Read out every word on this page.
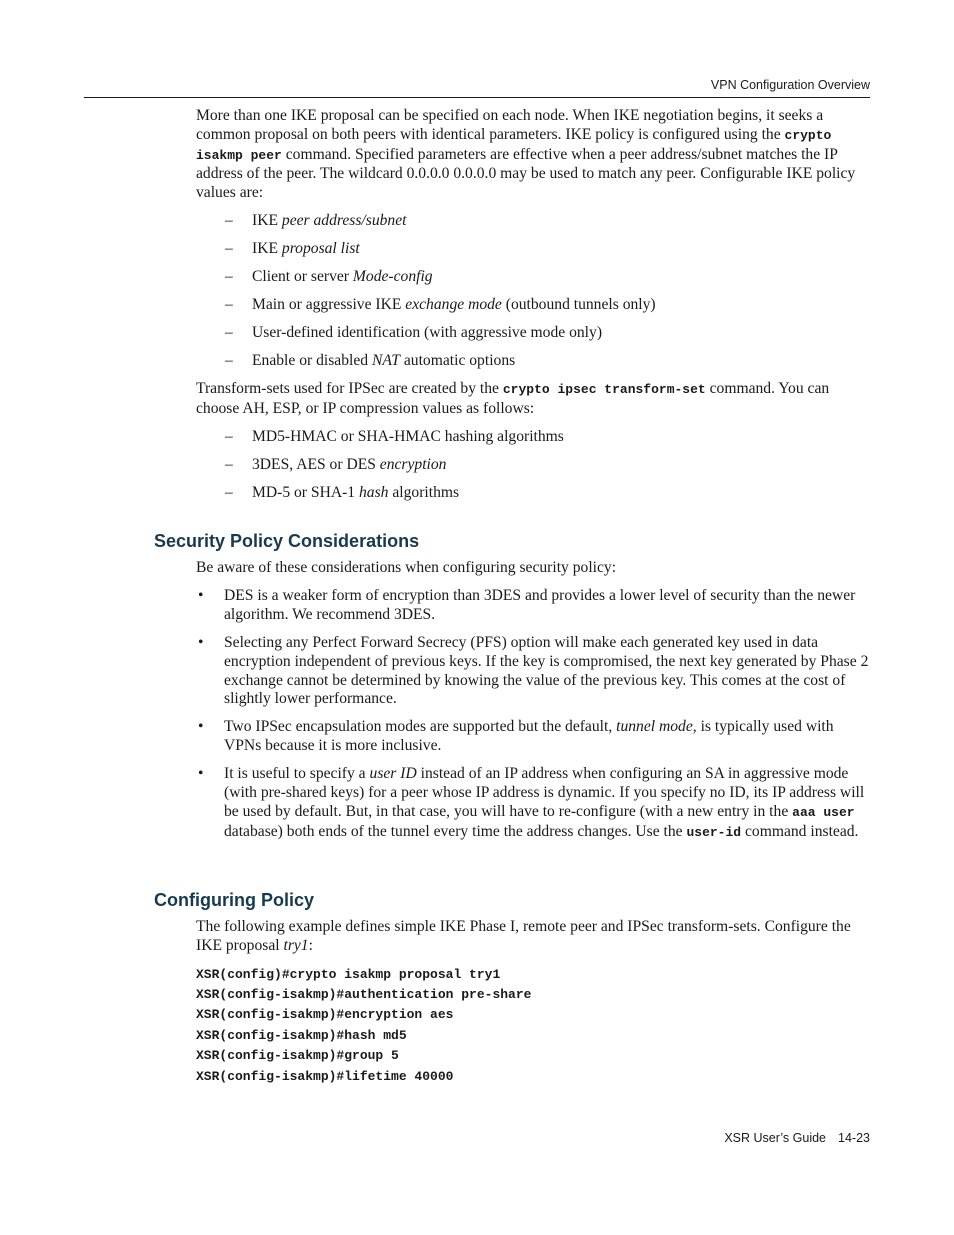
VPN Configuration Overview

More than one IKE proposal can be specified on each node. When IKE negotiation begins, it seeks a common proposal on both peers with identical parameters. IKE policy is configured using the crypto isakmp peer command. Specified parameters are effective when a peer address/subnet matches the IP address of the peer. The wildcard 0.0.0.0 0.0.0.0 may be used to match any peer. Configurable IKE policy values are:

– IKE peer address/subnet
– IKE proposal list
– Client or server Mode-config
– Main or aggressive IKE exchange mode (outbound tunnels only)
– User-defined identification (with aggressive mode only)
– Enable or disabled NAT automatic options

Transform-sets used for IPSec are created by the crypto ipsec transform-set command. You can choose AH, ESP, or IP compression values as follows:

– MD5-HMAC or SHA-HMAC hashing algorithms
– 3DES, AES or DES encryption
– MD-5 or SHA-1 hash algorithms
Security Policy Considerations

Be aware of these considerations when configuring security policy:

• DES is a weaker form of encryption than 3DES and provides a lower level of security than the newer algorithm. We recommend 3DES.
• Selecting any Perfect Forward Secrecy (PFS) option will make each generated key used in data encryption independent of previous keys. If the key is compromised, the next key generated by Phase 2 exchange cannot be determined by knowing the value of the previous key. This comes at the cost of slightly lower performance.
• Two IPSec encapsulation modes are supported but the default, tunnel mode, is typically used with VPNs because it is more inclusive.
• It is useful to specify a user ID instead of an IP address when configuring an SA in aggressive mode (with pre-shared keys) for a peer whose IP address is dynamic. If you specify no ID, its IP address will be used by default. But, in that case, you will have to re-configure (with a new entry in the aaa user database) both ends of the tunnel every time the address changes. Use the user-id command instead.
Configuring Policy

The following example defines simple IKE Phase I, remote peer and IPSec transform-sets. Configure the IKE proposal try1:

XSR(config)#crypto isakmp proposal try1
XSR(config-isakmp)#authentication pre-share
XSR(config-isakmp)#encryption aes
XSR(config-isakmp)#hash md5
XSR(config-isakmp)#group 5
XSR(config-isakmp)#lifetime 40000
XSR User’s Guide 14-23
